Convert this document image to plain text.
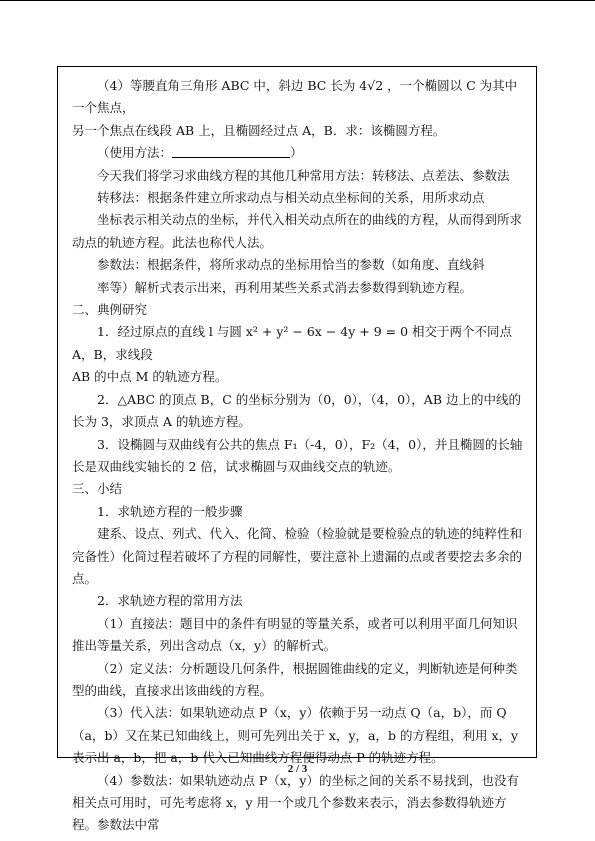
（4）等腰直角三角形 ABC 中，斜边 BC 长为 4√2 ，一个椭圆以 C 为其中一个焦点，

另一个焦点在线段 AB 上，且椭圆经过点 A，B．求：该椭圆方程。

（使用方法：	）

今天我们将学习求曲线方程的其他几种常用方法：转移法、点差法、参数法

转移法：根据条件建立所求动点与相关动点坐标间的关系，用所求动点

坐标表示相关动点的坐标，并代入相关动点所在的曲线的方程，从而得到所求动点的轨迹方程。此法也称代人法。

参数法：根据条件，将所求动点的坐标用恰当的参数（如角度、直线斜

率等）解析式表示出来，再利用某些关系式消去参数得到轨迹方程。

二、典例研究

1．经过原点的直线 l 与圆 x² + y² − 6x − 4y + 9 = 0 相交于两个不同点 A，B，求线段

AB 的中点 M 的轨迹方程。

2．△ABC 的顶点 B，C 的坐标分别为（0，0），（4，0），AB 边上的中线的长为 3，求顶点 A 的轨迹方程。

3．设椭圆与双曲线有公共的焦点 F₁（-4，0），F₂（4，0），并且椭圆的长轴长是双曲线实轴长的 2 倍，试求椭圆与双曲线交点的轨迹。

三、小结

1．求轨迹方程的一般步骤

建系、设点、列式、代入、化简、检验（检验就是要检验点的轨迹的纯粹性和完备性）化简过程若破坏了方程的同解性，要注意补上遗漏的点或者要挖去多余的点。

2．求轨迹方程的常用方法

（1）直接法：题目中的条件有明显的等量关系，或者可以利用平面几何知识推出等量关系，列出含动点（x，y）的解析式。

（2）定义法：分析题设几何条件，根据圆锥曲线的定义，判断轨迹是何种类型的曲线，直接求出该曲线的方程。

（3）代入法：如果轨迹动点 P（x，y）依赖于另一动点 Q（a，b），而 Q（a，b）又在某已知曲线上，则可先列出关于 x，y，a，b 的方程组，利用 x，y 表示出 a，b，把 a，b 代入已知曲线方程便得动点 P 的轨迹方程。

（4）参数法：如果轨迹动点 P（x，y）的坐标之间的关系不易找到，也没有相关点可用时，可先考虑将 x，y 用一个或几个参数来表示，消去参数得轨迹方程。参数法中常

2 / 3
